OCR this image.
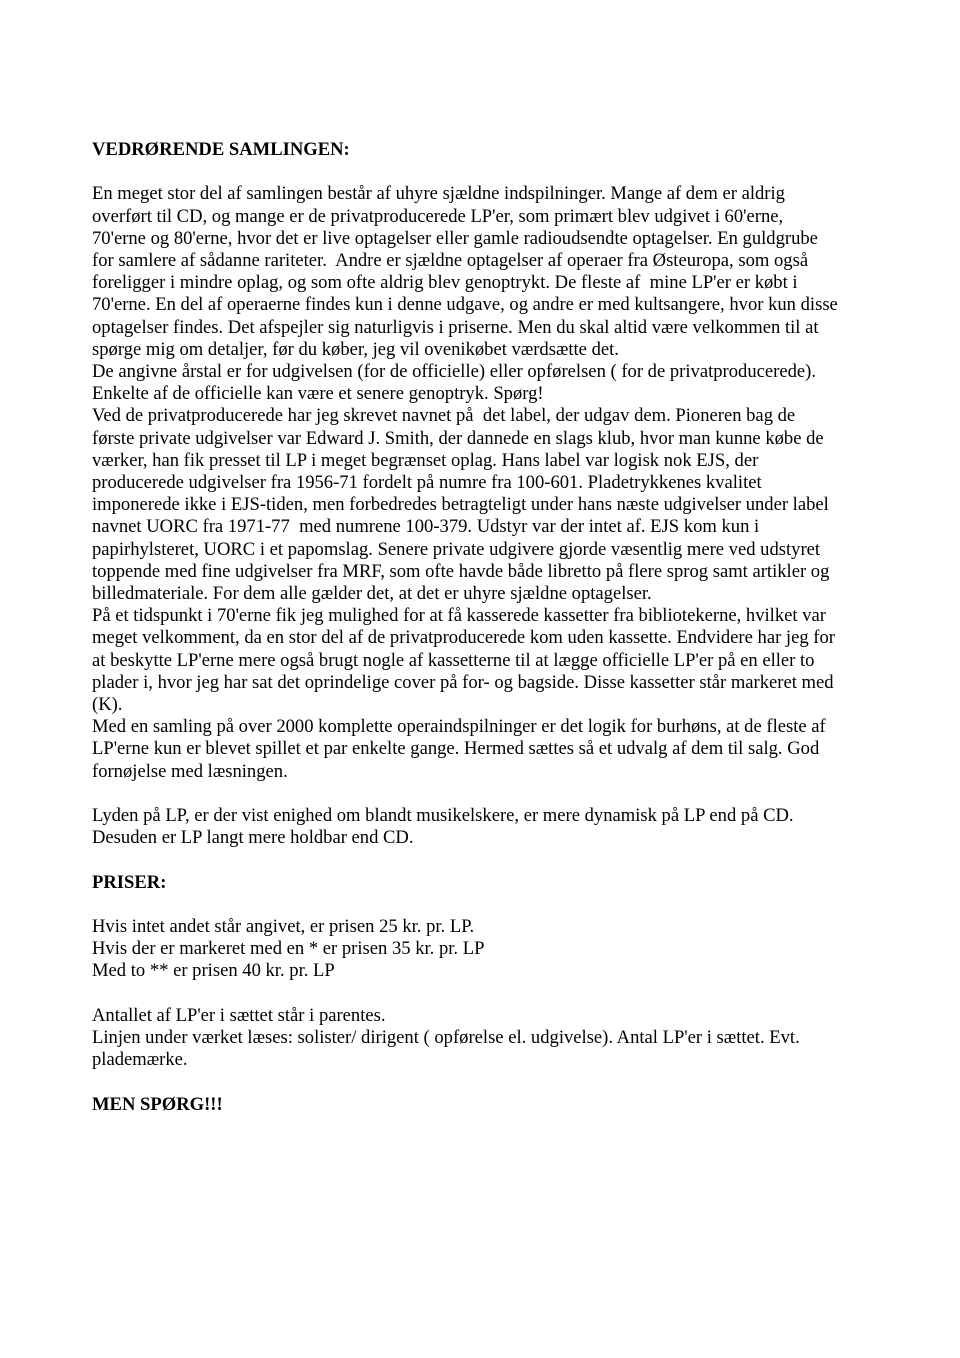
VEDRØRENDE SAMLINGEN:

En meget stor del af samlingen består af uhyre sjældne indspilninger. Mange af dem er aldrig

overført til CD, og mange er de privatproducerede LP'er, som primært blev udgivet i 60'erne,

70'erne og 80'erne, hvor det er live optagelser eller gamle radioudsendte optagelser. En guldgrube

for samlere af sådanne rariteter.  Andre er sjældne optagelser af operaer fra Østeuropa, som også

foreligger i mindre oplag, og som ofte aldrig blev genoptrykt. De fleste af  mine LP'er er købt i

70'erne. En del af operaerne findes kun i denne udgave, og andre er med kultsangere, hvor kun disse

optagelser findes. Det afspejler sig naturligvis i priserne. Men du skal altid være velkommen til at

spørge mig om detaljer, før du køber, jeg vil ovenikøbet værdsætte det.

De angivne årstal er for udgivelsen (for de officielle) eller opførelsen ( for de privatproducerede).

Enkelte af de officielle kan være et senere genoptryk. Spørg!

Ved de privatproducerede har jeg skrevet navnet på  det label, der udgav dem. Pioneren bag de

første private udgivelser var Edward J. Smith, der dannede en slags klub, hvor man kunne købe de

værker, han fik presset til LP i meget begrænset oplag. Hans label var logisk nok EJS, der

producerede udgivelser fra 1956-71 fordelt på numre fra 100-601. Pladetrykkenes kvalitet

imponerede ikke i EJS-tiden, men forbedredes betragteligt under hans næste udgivelser under label

navnet UORC fra 1971-77  med numrene 100-379. Udstyr var der intet af. EJS kom kun i

papirhylsteret, UORC i et papomslag. Senere private udgivere gjorde væsentlig mere ved udstyret

toppende med fine udgivelser fra MRF, som ofte havde både libretto på flere sprog samt artikler og

billedmateriale. For dem alle gælder det, at det er uhyre sjældne optagelser.

På et tidspunkt i 70'erne fik jeg mulighed for at få kasserede kassetter fra bibliotekerne, hvilket var

meget velkomment, da en stor del af de privatproducerede kom uden kassette. Endvidere har jeg for

at beskytte LP'erne mere også brugt nogle af kassetterne til at lægge officielle LP'er på en eller to

plader i, hvor jeg har sat det oprindelige cover på for- og bagside. Disse kassetter står markeret med

(K).

Med en samling på over 2000 komplette operaindspilninger er det logik for burhøns, at de fleste af

LP'erne kun er blevet spillet et par enkelte gange. Hermed sættes så et udvalg af dem til salg. God

fornøjelse med læsningen.

Lyden på LP, er der vist enighed om blandt musikelskere, er mere dynamisk på LP end på CD.

Desuden er LP langt mere holdbar end CD.

PRISER:

Hvis intet andet står angivet, er prisen 25 kr. pr. LP.

Hvis der er markeret med en * er prisen 35 kr. pr. LP

Med to ** er prisen 40 kr. pr. LP

Antallet af LP'er i sættet står i parentes.

Linjen under værket læses: solister/ dirigent ( opførelse el. udgivelse). Antal LP'er i sættet. Evt.

plademærke.

MEN SPØRG!!!
